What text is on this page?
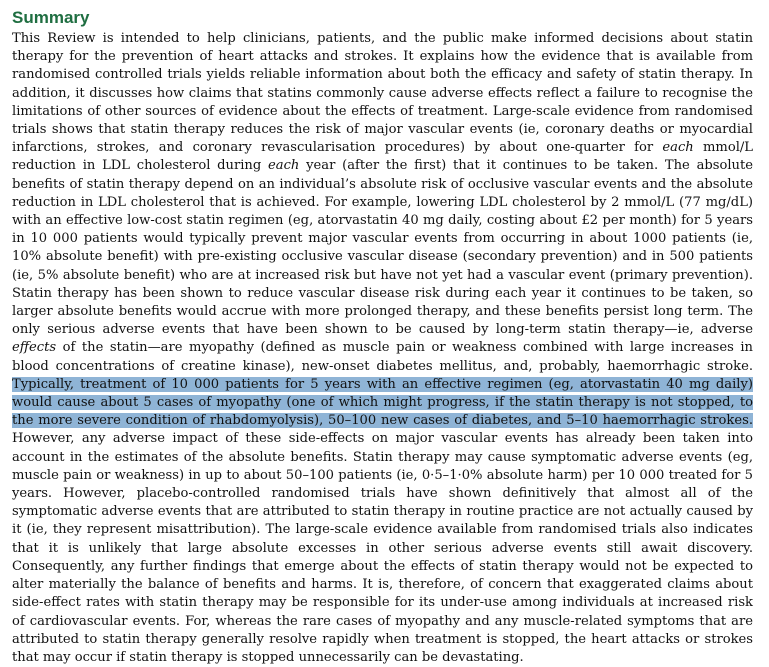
Summary

This Review is intended to help clinicians, patients, and the public make informed decisions about statin therapy for the prevention of heart attacks and strokes. It explains how the evidence that is available from randomised controlled trials yields reliable information about both the efficacy and safety of statin therapy. In addition, it discusses how claims that statins commonly cause adverse effects reflect a failure to recognise the limitations of other sources of evidence about the effects of treatment. Large-scale evidence from randomised trials shows that statin therapy reduces the risk of major vascular events (ie, coronary deaths or myocardial infarctions, strokes, and coronary revascularisation procedures) by about one-quarter for each mmol/L reduction in LDL cholesterol during each year (after the first) that it continues to be taken. The absolute benefits of statin therapy depend on an individual’s absolute risk of occlusive vascular events and the absolute reduction in LDL cholesterol that is achieved. For example, lowering LDL cholesterol by 2 mmol/L (77 mg/dL) with an effective low-cost statin regimen (eg, atorvastatin 40 mg daily, costing about £2 per month) for 5 years in 10 000 patients would typically prevent major vascular events from occurring in about 1000 patients (ie, 10% absolute benefit) with pre-existing occlusive vascular disease (secondary prevention) and in 500 patients (ie, 5% absolute benefit) who are at increased risk but have not yet had a vascular event (primary prevention). Statin therapy has been shown to reduce vascular disease risk during each year it continues to be taken, so larger absolute benefits would accrue with more prolonged therapy, and these benefits persist long term. The only serious adverse events that have been shown to be caused by long-term statin therapy—ie, adverse effects of the statin—are myopathy (defined as muscle pain or weakness combined with large increases in blood concentrations of creatine kinase), new-onset diabetes mellitus, and, probably, haemorrhagic stroke. Typically, treatment of 10 000 patients for 5 years with an effective regimen (eg, atorvastatin 40 mg daily) would cause about 5 cases of myopathy (one of which might progress, if the statin therapy is not stopped, to the more severe condition of rhabdomyolysis), 50–100 new cases of diabetes, and 5–10 haemorrhagic strokes. However, any adverse impact of these side-effects on major vascular events has already been taken into account in the estimates of the absolute benefits. Statin therapy may cause symptomatic adverse events (eg, muscle pain or weakness) in up to about 50–100 patients (ie, 0·5–1·0% absolute harm) per 10 000 treated for 5 years. However, placebo-controlled randomised trials have shown definitively that almost all of the symptomatic adverse events that are attributed to statin therapy in routine practice are not actually caused by it (ie, they represent misattribution). The large-scale evidence available from randomised trials also indicates that it is unlikely that large absolute excesses in other serious adverse events still await discovery. Consequently, any further findings that emerge about the effects of statin therapy would not be expected to alter materially the balance of benefits and harms. It is, therefore, of concern that exaggerated claims about side-effect rates with statin therapy may be responsible for its under-use among individuals at increased risk of cardiovascular events. For, whereas the rare cases of myopathy and any muscle-related symptoms that are attributed to statin therapy generally resolve rapidly when treatment is stopped, the heart attacks or strokes that may occur if statin therapy is stopped unnecessarily can be devastating.
